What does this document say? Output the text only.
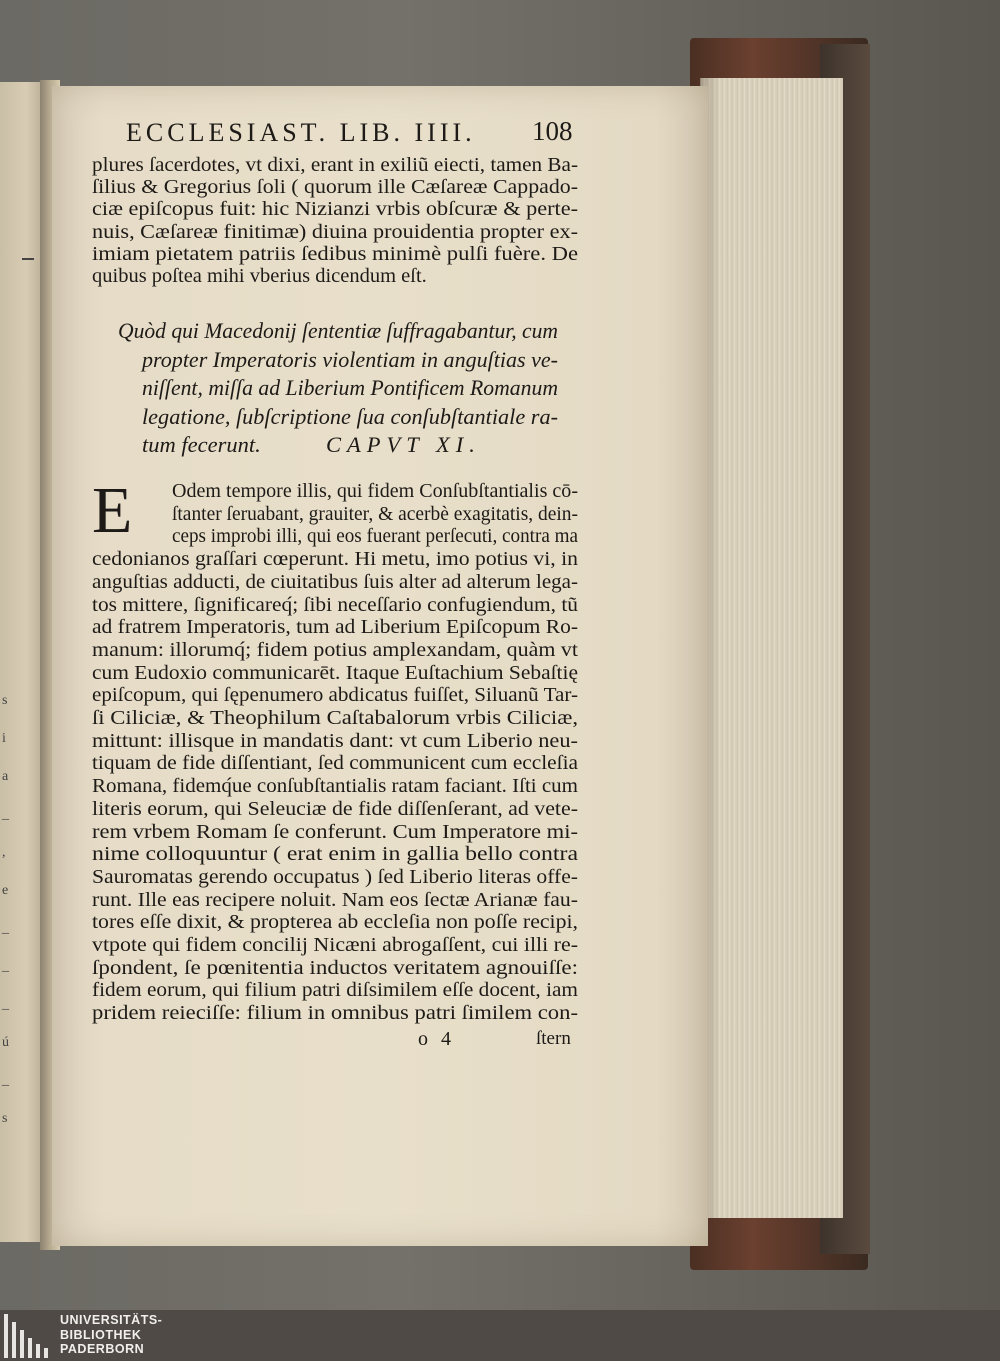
s
i
a
_
,
e
_
_
_
ú
_
s
ECCLESIAST. LIB. IIII. 108
plures ſacerdotes, vt dixi, erant in exiliũ eiecti, tamen Ba-
ſilius & Gregorius ſoli ( quorum ille Cæſareæ Cappado-
ciæ epiſcopus fuit: hic Nizianzi vrbis obſcuræ & perte-
nuis, Cæſareæ finitimæ) diuina prouidentia propter ex-
imiam pietatem patriis ſedibus minimè pulſi fuère. De
quibus poſtea mihi vberius dicendum eſt.
Quòd qui Macedonij ſententiæ ſuffragabantur, cum
propter Imperatoris violentiam in anguſtias ve-
niſſent, miſſa ad Liberium Pontificem Romanum
legatione, ſubſcriptione ſua conſubſtantiale ra-
tum fecerunt.	CAPVT XI.
E Odem tempore illis, qui fidem Conſubſtantialis cō-
ſtanter ſeruabant, grauiter, & acerbè exagitatis, dein-
ceps improbi illi, qui eos fuerant perſecuti, contra ma
cedonianos graſſari cœperunt. Hi metu, imo potius vi, in
anguſtias adducti, de ciuitatibus ſuis alter ad alterum lega-
tos mittere, ſignificareq́; ſibi neceſſario confugiendum, tũ
ad fratrem Imperatoris, tum ad Liberium Epiſcopum Ro-
manum: illorumq́; fidem potius amplexandam, quàm vt
cum Eudoxio communicarēt. Itaque Euſtachium Sebaſtię
epiſcopum, qui ſępenumero abdicatus fuiſſet, Siluanũ Tar-
ſi Ciliciæ, & Theophilum Caſtabalorum vrbis Ciliciæ,
mittunt: illisque in mandatis dant: vt cum Liberio neu-
tiquam de fide diſſentiant, ſed communicent cum eccleſia
Romana, fidemq́ue conſubſtantialis ratam faciant. Iſti cum
literis eorum, qui Seleuciæ de fide diſſenſerant, ad vete-
rem vrbem Romam ſe conferunt. Cum Imperatore mi-
nime colloquuntur ( erat enim in gallia bello contra
Sauromatas gerendo occupatus ) ſed Liberio literas offe-
runt. Ille eas recipere noluit. Nam eos ſectæ Arianæ fau-
tores eſſe dixit, & propterea ab eccleſia non poſſe recipi,
vtpote qui fidem concilij Nicæni abrogaſſent, cui illi re-
ſpondent, ſe pœnitentia inductos veritatem agnouiſſe:
fidem eorum, qui filium patri diſsimilem eſſe docent, iam
pridem reieciſſe: filium in omnibus patri ſimilem con-
o 4	ſtern
UNIVERSITÄTS-
BIBLIOTHEK
PADERBORN
